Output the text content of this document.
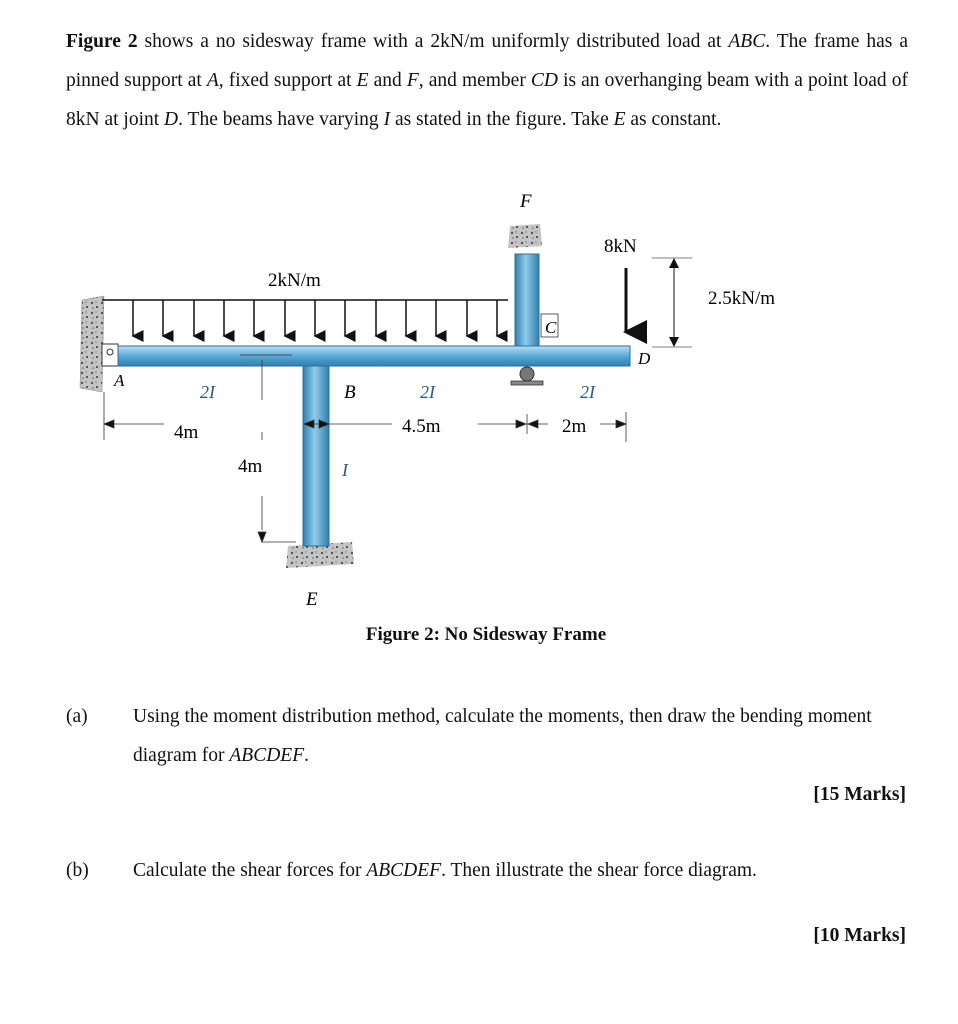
Figure 2 shows a no sidesway frame with a 2kN/m uniformly distributed load at ABC. The frame has a pinned support at A, fixed support at E and F, and member CD is an overhanging beam with a point load of 8kN at joint D. The beams have varying I as stated in the figure. Take E as constant.
F
8kN
2kN/m
2.5kN/m
C
D
A
B
E
2I	2I	2I
I
4m	4.5m	2m
4m
Figure 2: No Sidesway Frame
(a) Using the moment distribution method, calculate the moments, then draw the bending moment diagram for ABCDEF.
[15 Marks]
(b) Calculate the shear forces for ABCDEF. Then illustrate the shear force diagram.
[10 Marks]
